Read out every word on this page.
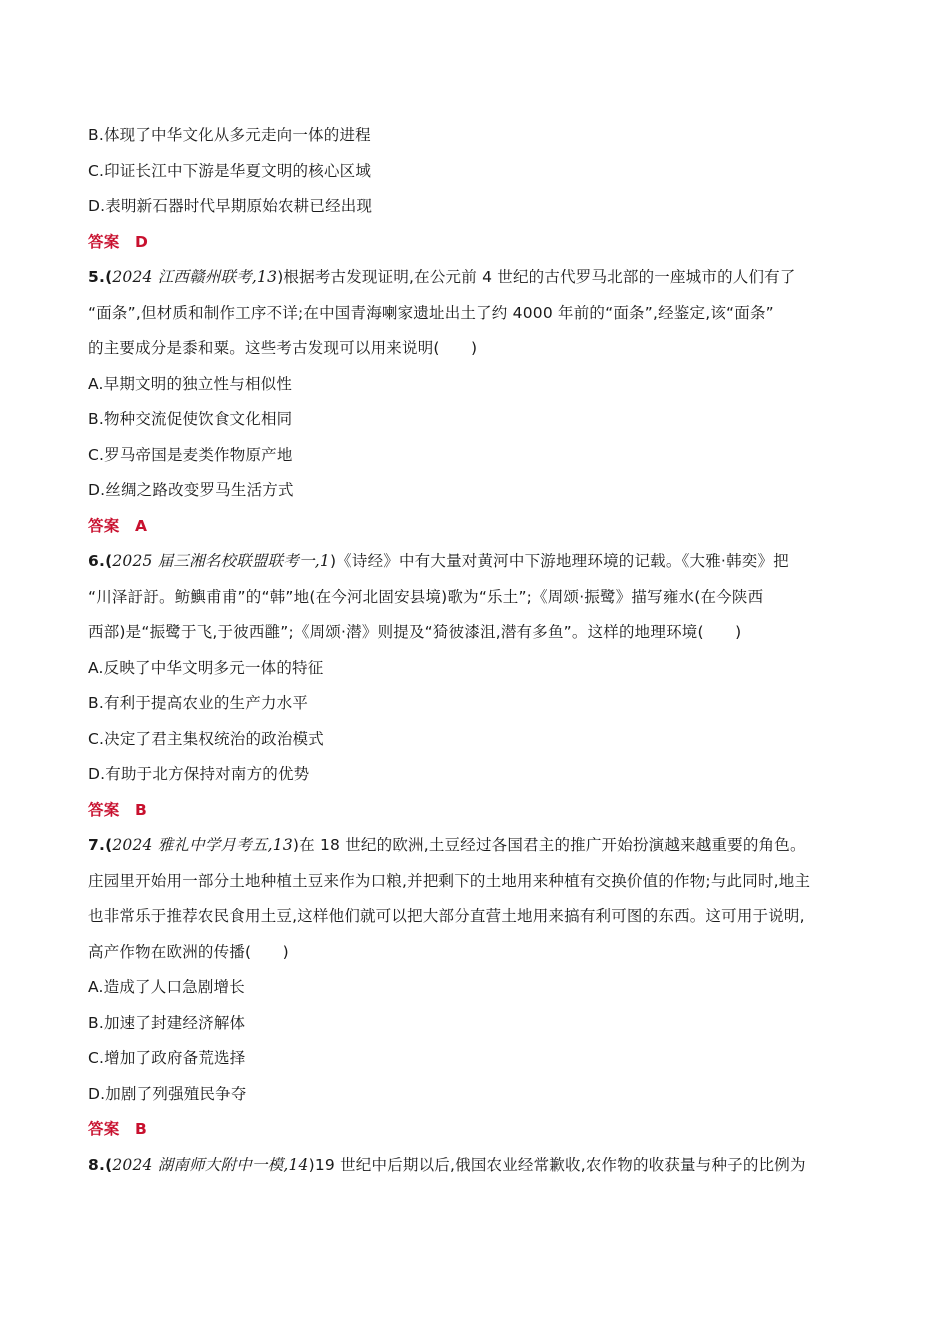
B.体现了中华文化从多元走向一体的进程
C.印证长江中下游是华夏文明的核心区域
D.表明新石器时代早期原始农耕已经出现
答案 D
5.(2024 江西赣州联考,13)根据考古发现证明,在公元前 4 世纪的古代罗马北部的一座城市的人们有了
“面条”,但材质和制作工序不详;在中国青海喇家遗址出土了约 4000 年前的“面条”,经鉴定,该“面条”
的主要成分是黍和粟。这些考古发现可以用来说明(　　)
A.早期文明的独立性与相似性
B.物种交流促使饮食文化相同
C.罗马帝国是麦类作物原产地
D.丝绸之路改变罗马生活方式
答案 A
6.(2025 届三湘名校联盟联考一,1)《诗经》中有大量对黄河中下游地理环境的记载。《大雅·韩奕》把
“川泽訏訏。鲂鱮甫甫”的“韩”地(在今河北固安县境)歌为“乐土”;《周颂·振鹭》描写雍水(在今陕西
西部)是“振鹭于飞,于彼西雝”;《周颂·潜》则提及“猗彼漆沮,潜有多鱼”。这样的地理环境(　　)
A.反映了中华文明多元一体的特征
B.有利于提高农业的生产力水平
C.决定了君主集权统治的政治模式
D.有助于北方保持对南方的优势
答案 B
7.(2024 雅礼中学月考五,13)在 18 世纪的欧洲,土豆经过各国君主的推广开始扮演越来越重要的角色。
庄园里开始用一部分土地种植土豆来作为口粮,并把剩下的土地用来种植有交换价值的作物;与此同时,地主
也非常乐于推荐农民食用土豆,这样他们就可以把大部分直营土地用来搞有利可图的东西。这可用于说明,
高产作物在欧洲的传播(　　)
A.造成了人口急剧增长
B.加速了封建经济解体
C.增加了政府备荒选择
D.加剧了列强殖民争夺
答案 B
8.(2024 湖南师大附中一模,14)19 世纪中后期以后,俄国农业经常歉收,农作物的收获量与种子的比例为
